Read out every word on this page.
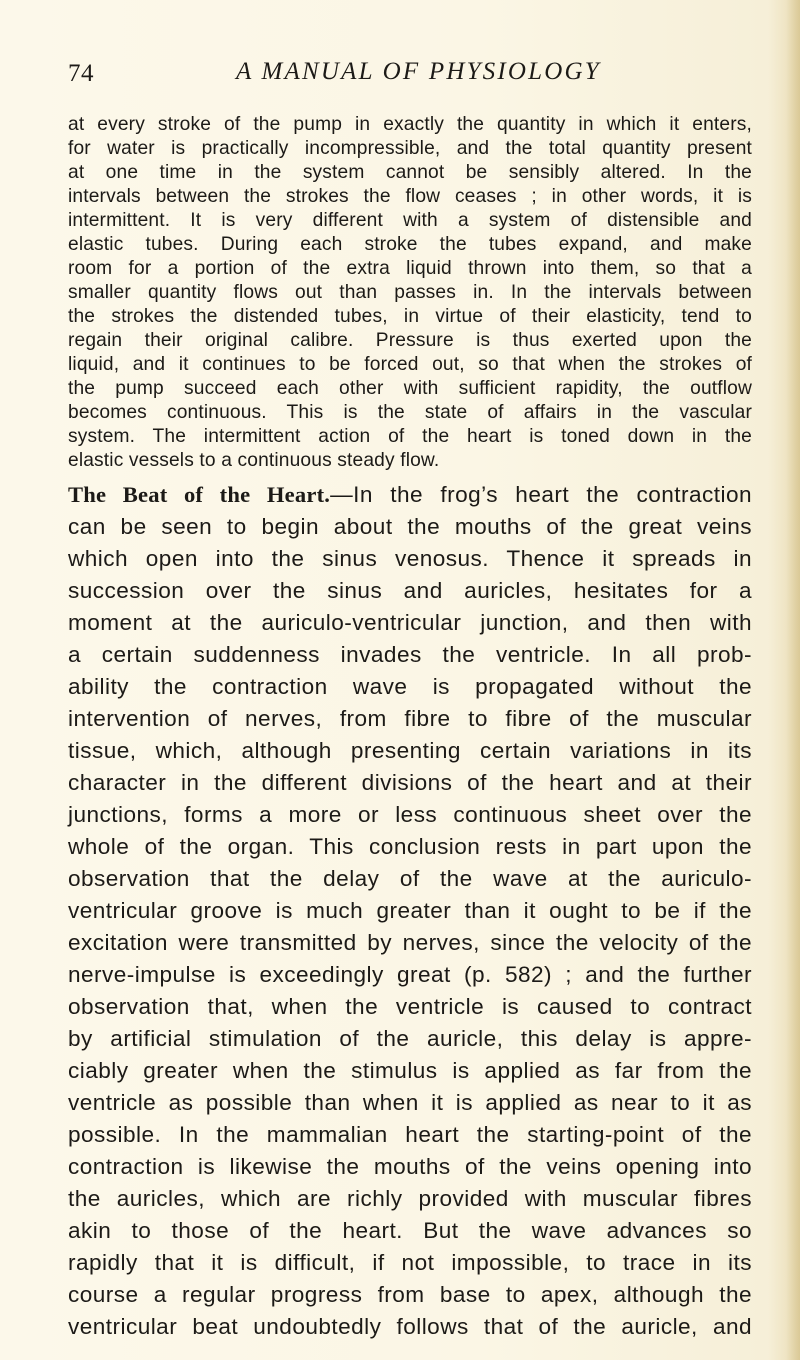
74	A MANUAL OF PHYSIOLOGY
at every stroke of the pump in exactly the quantity in which it enters,
for water is practically incompressible, and the total quantity present
at one time in the system cannot be sensibly altered. In the
intervals between the strokes the flow ceases ; in other words, it is
intermittent. It is very different with a system of distensible and
elastic tubes. During each stroke the tubes expand, and make
room for a portion of the extra liquid thrown into them, so that a
smaller quantity flows out than passes in. In the intervals between
the strokes the distended tubes, in virtue of their elasticity, tend to
regain their original calibre. Pressure is thus exerted upon the
liquid, and it continues to be forced out, so that when the strokes of
the pump succeed each other with sufficient rapidity, the outflow
becomes continuous. This is the state of affairs in the vascular
system. The intermittent action of the heart is toned down in the
elastic vessels to a continuous steady flow.
The Beat of the Heart.—In the frog’s heart the contraction
can be seen to begin about the mouths of the great veins
which open into the sinus venosus. Thence it spreads in
succession over the sinus and auricles, hesitates for a
moment at the auriculo-ventricular junction, and then with
a certain suddenness invades the ventricle. In all prob-
ability the contraction wave is propagated without the
intervention of nerves, from fibre to fibre of the muscular
tissue, which, although presenting certain variations in its
character in the different divisions of the heart and at their
junctions, forms a more or less continuous sheet over the
whole of the organ. This conclusion rests in part upon the
observation that the delay of the wave at the auriculo-
ventricular groove is much greater than it ought to be if the
excitation were transmitted by nerves, since the velocity of the
nerve-impulse is exceedingly great (p. 582) ; and the further
observation that, when the ventricle is caused to contract
by artificial stimulation of the auricle, this delay is appre-
ciably greater when the stimulus is applied as far from the
ventricle as possible than when it is applied as near to it as
possible. In the mammalian heart the starting-point of the
contraction is likewise the mouths of the veins opening into
the auricles, which are richly provided with muscular fibres
akin to those of the heart. But the wave advances so
rapidly that it is difficult, if not impossible, to trace in its
course a regular progress from base to apex, although the
ventricular beat undoubtedly follows that of the auricle, and
